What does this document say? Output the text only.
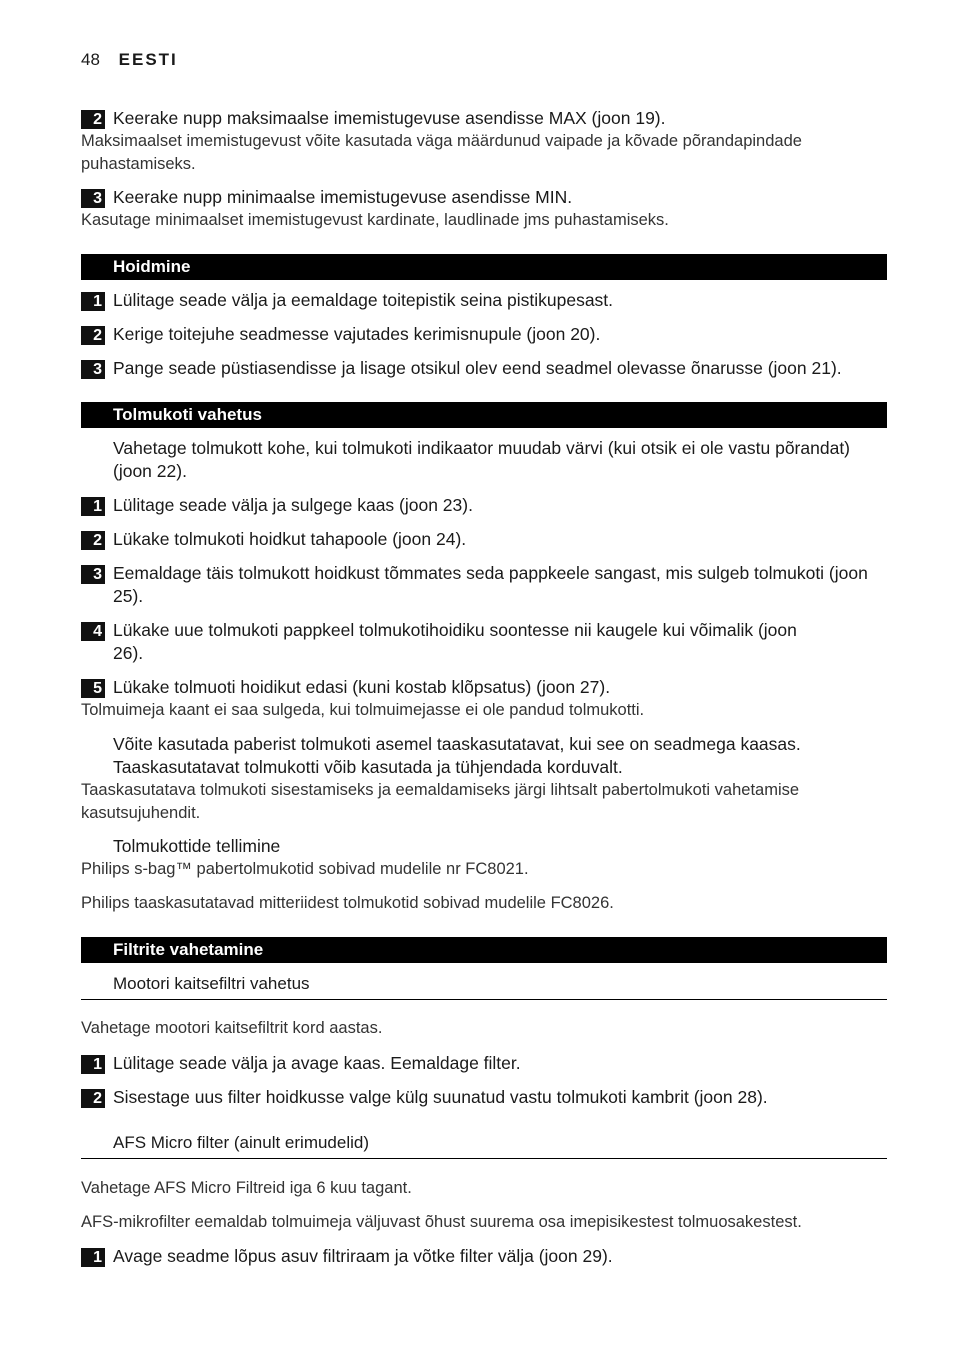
48 EESTI
2 Keerake nupp maksimaalse imemistugevuse asendisse MAX (joon 19).
Maksimaalset imemistugevust võite kasutada väga määrdunud vaipade ja kõvade põrandapindade puhastamiseks.
3 Keerake nupp minimaalse imemistugevuse asendisse MIN.
Kasutage minimaalset imemistugevust kardinate, laudlinade jms puhastamiseks.
Hoidmine
1 Lülitage seade välja ja eemaldage toitepistik seina pistikupesast.
2 Kerige toitejuhe seadmesse vajutades kerimisnupule (joon 20).
3 Pange seade püstiasendisse ja lisage otsikul olev eend seadmel olevasse õnarusse (joon 21).
Tolmukoti vahetus
Vahetage tolmukott kohe, kui tolmukoti indikaator muudab värvi (kui otsik ei ole vastu põrandat) (joon 22).
1 Lülitage seade välja ja sulgege kaas (joon 23).
2 Lükake tolmukoti hoidkut tahapoole (joon 24).
3 Eemaldage täis tolmukott hoidkust tõmmates seda pappkeele sangast, mis sulgeb tolmukoti (joon 25).
4 Lükake uue tolmukoti pappkeel tolmukotihoidiku soontesse nii kaugele kui võimalik (joon 26).
5 Lükake tolmuoti hoidikut edasi (kuni kostab klõpsatus) (joon 27).
Tolmuimeja kaant ei saa sulgeda, kui tolmuimejasse ei ole pandud tolmukotti.
Võite kasutada paberist tolmukoti asemel taaskasutatavat, kui see on seadmega kaasas. Taaskasutatavat tolmukotti võib kasutada ja tühjendada korduvalt.
Taaskasutatava tolmukoti sisestamiseks ja eemaldamiseks järgi lihtsalt pabertolmukoti vahetamise kasutsujuhendit.
Tolmukottide tellimine
Philips s-bag™ pabertolmukotid sobivad mudelile nr FC8021.
Philips taaskasutatavad mitteriidest tolmukotid sobivad mudelile FC8026.
Filtrite vahetamine
Mootori kaitsefiltri vahetus
Vahetage mootori kaitsefiltrit kord aastas.
1 Lülitage seade välja ja avage kaas. Eemaldage filter.
2 Sisestage uus filter hoidkusse valge külg suunatud vastu tolmukoti kambrit (joon 28).
AFS Micro filter (ainult erimudelid)
Vahetage AFS Micro Filtreid iga 6 kuu tagant.
AFS-mikrofilter eemaldab tolmuimeja väljuvast õhust suurema osa imepisikestest tolmuosakestest.
1 Avage seadme lõpus asuv filtriraam ja võtke filter välja (joon 29).
